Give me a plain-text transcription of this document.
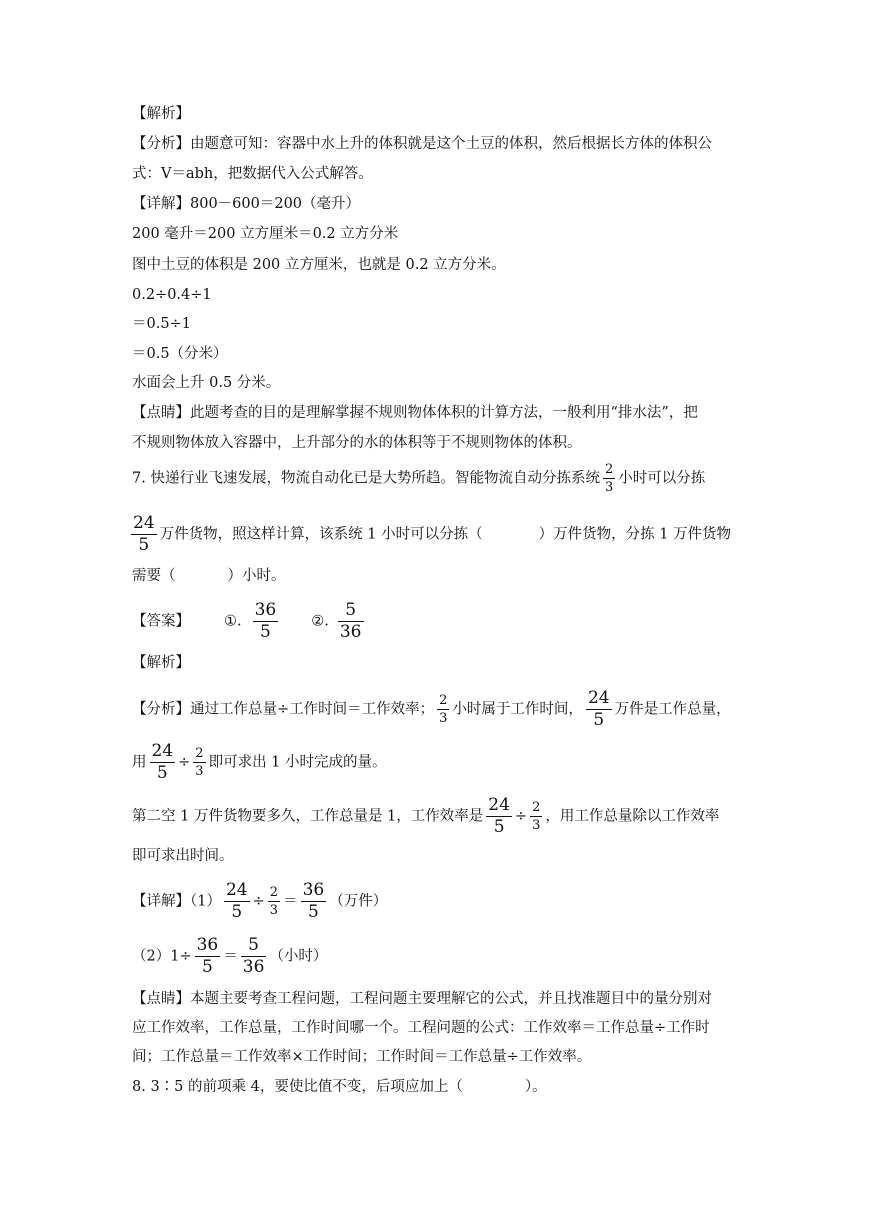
【解析】
【分析】由题意可知：容器中水上升的体积就是这个土豆的体积，然后根据长方体的体积公
式：V＝abh，把数据代入公式解答。
【详解】800－600＝200（毫升）
200 毫升＝200 立方厘米＝0.2 立方分米
图中土豆的体积是 200 立方厘米，也就是 0.2 立方分米。
0.2÷0.4÷1
＝0.5÷1
＝0.5（分米）
水面会上升 0.5 分米。
【点睛】此题考查的目的是理解掌握不规则物体体积的计算方法，一般利用“排水法”，把
不规则物体放入容器中，上升部分的水的体积等于不规则物体的体积。
7. 快递行业飞速发展，物流自动化已是大势所趋。智能物流自动分拣系统 $\frac{2}{3}$ 小时可以分拣
$\frac{24}{5}$ 万件货物，照这样计算，该系统 1 小时可以分拣（	）万件货物，分拣 1 万件货物
需要（	）小时。
【答案】 ①. $\frac{36}{5}$ ②. $\frac{5}{36}$
【解析】
【分析】通过工作总量÷工作时间＝工作效率； $\frac{2}{3}$ 小时属于工作时间， $\frac{24}{5}$ 万件是工作总量，
用 $\frac{24}{5} \div \frac{2}{3}$ 即可求出 1 小时完成的量。
第二空 1 万件货物要多久，工作总量是 1，工作效率是 $\frac{24}{5} \div \frac{2}{3}$ ，用工作总量除以工作效率
即可求出时间。
【详解】$(1) \frac{24}{5} \div \frac{2}{3} = \frac{36}{5}$ （万件）
$(2)1\div \frac{36}{5} = \frac{5}{36}$ （小时）
【点睛】本题主要考查工程问题，工程问题主要理解它的公式，并且找准题目中的量分别对
应工作效率，工作总量，工作时间哪一个。工程问题的公式：工作效率＝工作总量÷工作时
间；工作总量＝工作效率×工作时间；工作时间＝工作总量÷工作效率。
8. 3∶5 的前项乘 4，要使比值不变，后项应加上（	）。
